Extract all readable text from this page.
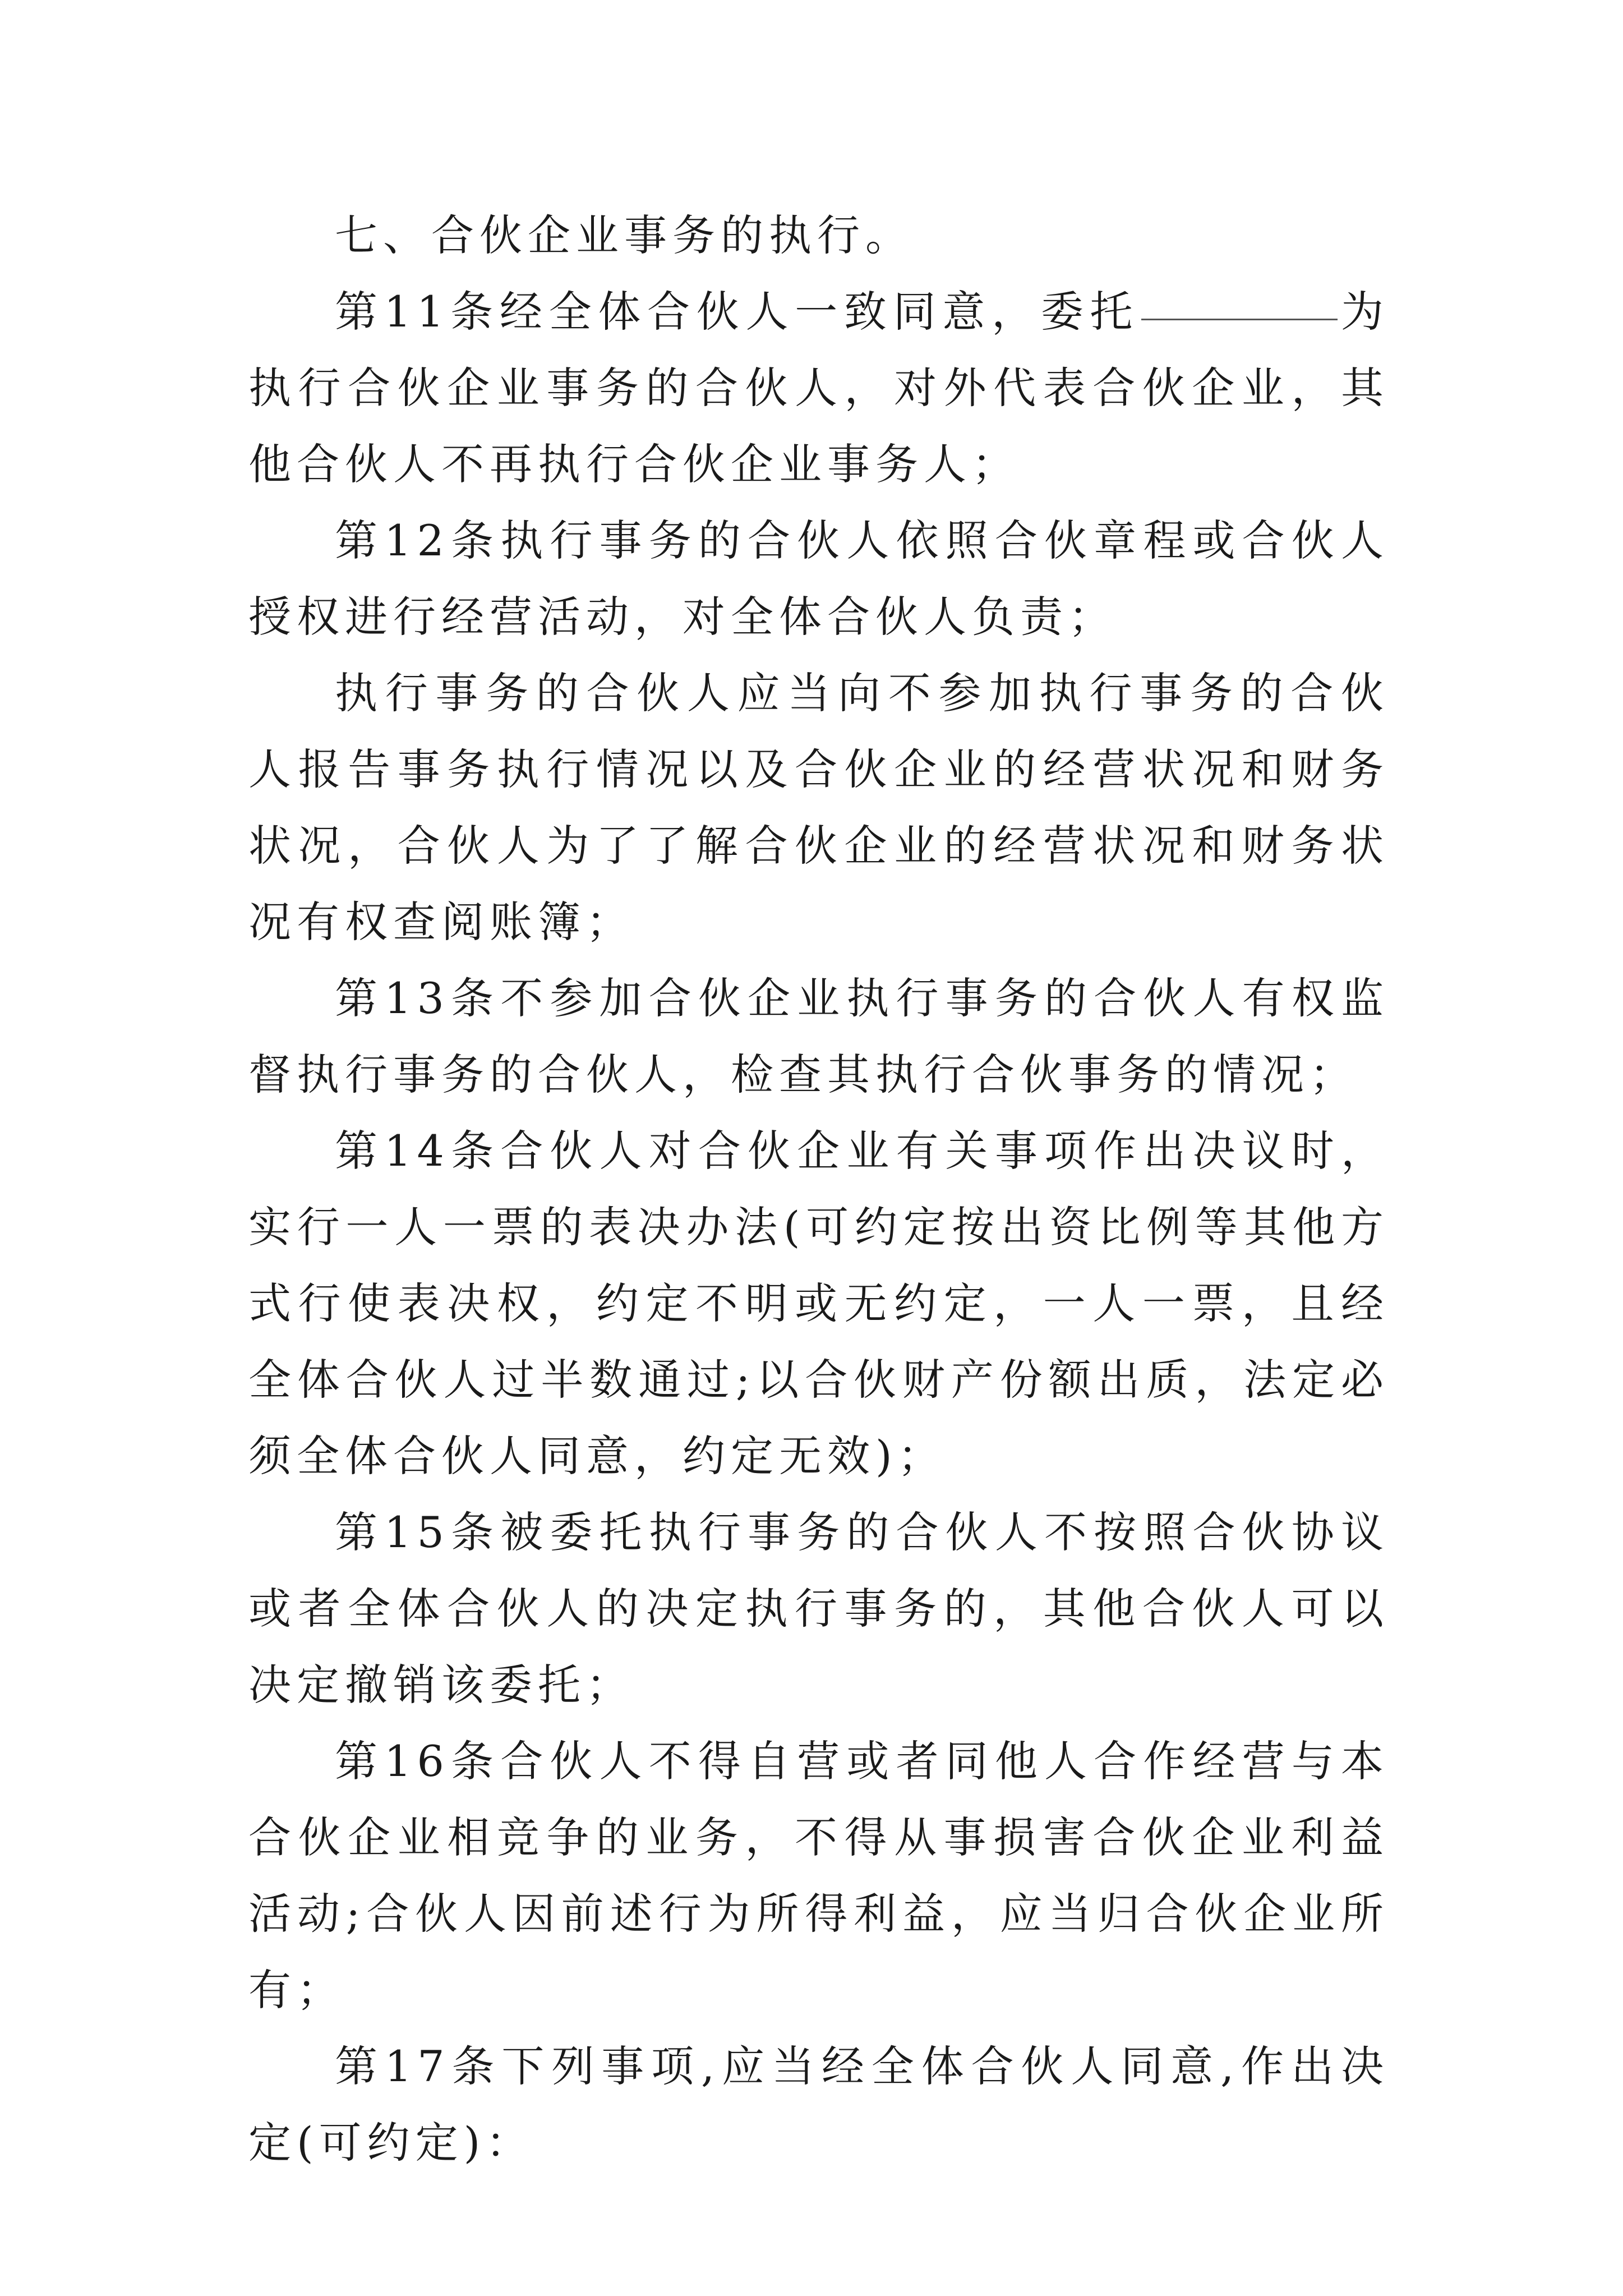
七、合伙企业事务的执行。

第11条经全体合伙人一致同意，委托	为执行合伙企业事务的合伙人，对外代表合伙企业，其他合伙人不再执行合伙企业事务人；

第12条执行事务的合伙人依照合伙章程或合伙人授权进行经营活动，对全体合伙人负责；

执行事务的合伙人应当向不参加执行事务的合伙人报告事务执行情况以及合伙企业的经营状况和财务状况，合伙人为了了解合伙企业的经营状况和财务状况有权查阅账簿；

第13条不参加合伙企业执行事务的合伙人有权监督执行事务的合伙人，检查其执行合伙事务的情况；

第14条合伙人对合伙企业有关事项作出决议时，实行一人一票的表决办法(可约定按出资比例等其他方式行使表决权，约定不明或无约定，一人一票，且经全体合伙人过半数通过;以合伙财产份额出质，法定必须全体合伙人同意，约定无效)；

第15条被委托执行事务的合伙人不按照合伙协议或者全体合伙人的决定执行事务的，其他合伙人可以决定撤销该委托；

第16条合伙人不得自营或者同他人合作经营与本合伙企业相竞争的业务，不得从事损害合伙企业利益活动;合伙人因前述行为所得利益，应当归合伙企业所有；

第17条下列事项,应当经全体合伙人同意,作出决定(可约定)：
